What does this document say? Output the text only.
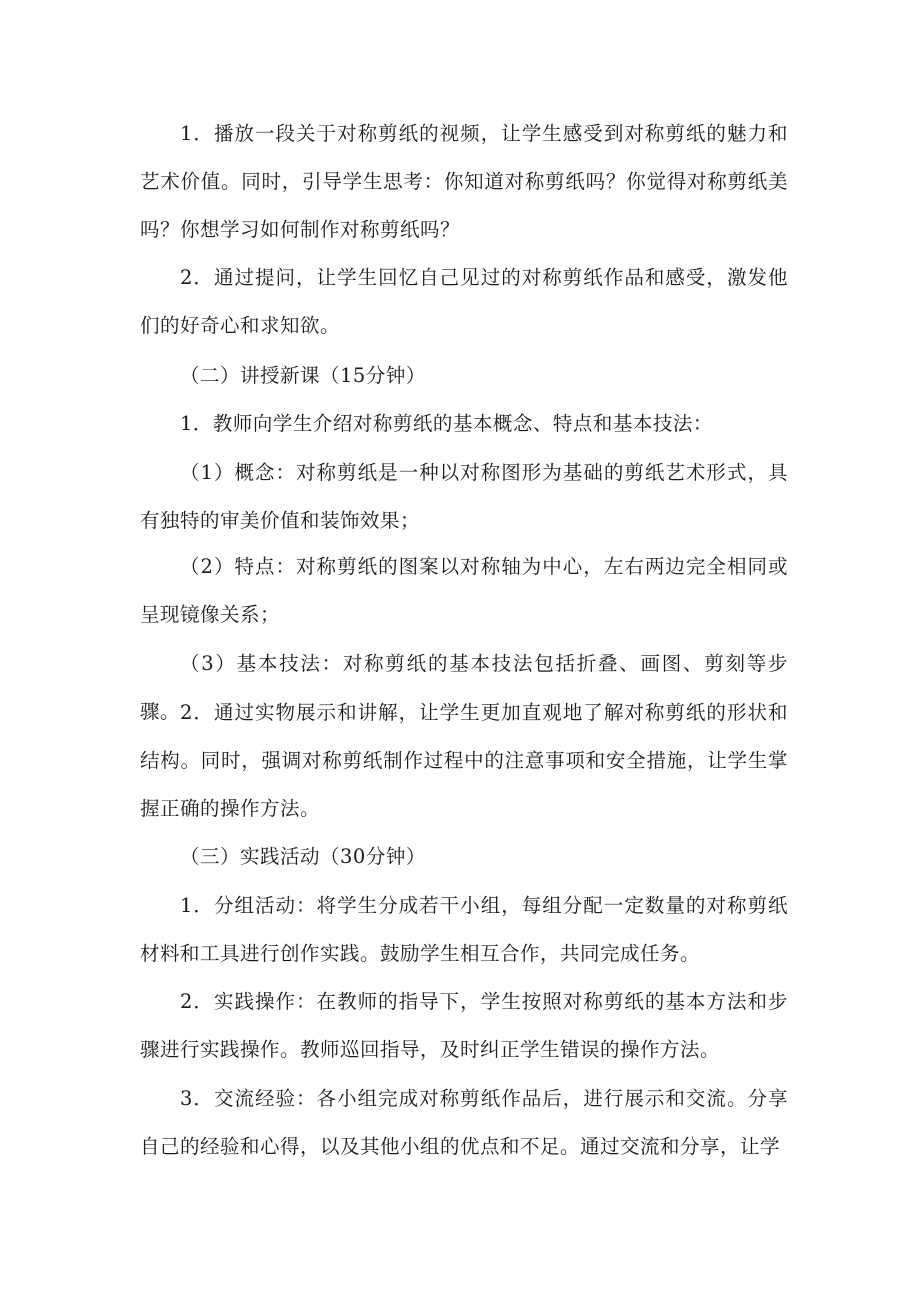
1．播放一段关于对称剪纸的视频，让学生感受到对称剪纸的魅力和艺术价值。同时，引导学生思考：你知道对称剪纸吗？你觉得对称剪纸美吗？你想学习如何制作对称剪纸吗？

2．通过提问，让学生回忆自己见过的对称剪纸作品和感受，激发他们的好奇心和求知欲。

（二）讲授新课（15分钟）

1．教师向学生介绍对称剪纸的基本概念、特点和基本技法：

（1）概念：对称剪纸是一种以对称图形为基础的剪纸艺术形式，具有独特的审美价值和装饰效果；

（2）特点：对称剪纸的图案以对称轴为中心，左右两边完全相同或呈现镜像关系；

（3）基本技法：对称剪纸的基本技法包括折叠、画图、剪刻等步骤。 2．通过实物展示和讲解，让学生更加直观地了解对称剪纸的形状和结构。同时，强调对称剪纸制作过程中的注意事项和安全措施，让学生掌握正确的操作方法。

（三）实践活动（30分钟）

1．分组活动：将学生分成若干小组，每组分配一定数量的对称剪纸材料和工具进行创作实践。鼓励学生相互合作，共同完成任务。

2．实践操作：在教师的指导下，学生按照对称剪纸的基本方法和步骤进行实践操作。教师巡回指导，及时纠正学生错误的操作方法。

3．交流经验：各小组完成对称剪纸作品后，进行展示和交流。分享自己的经验和心得，以及其他小组的优点和不足。通过交流和分享，让学
